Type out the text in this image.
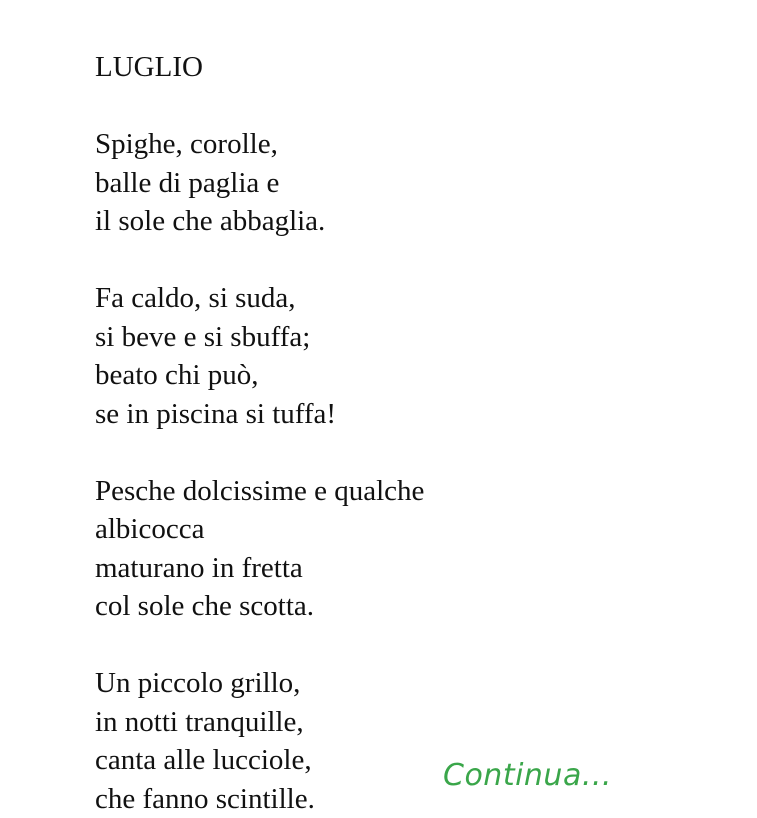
LUGLIO
Spighe, corolle,
balle di paglia e
il sole che abbaglia.
Fa caldo, si suda,
si beve e si sbuffa;
beato chi può,
se in piscina si tuffa!
Pesche dolcissime e qualche
albicocca
maturano in fretta
col sole che scotta.
Un piccolo grillo,
in notti tranquille,
canta alle lucciole,
che fanno scintille.
Continua...
